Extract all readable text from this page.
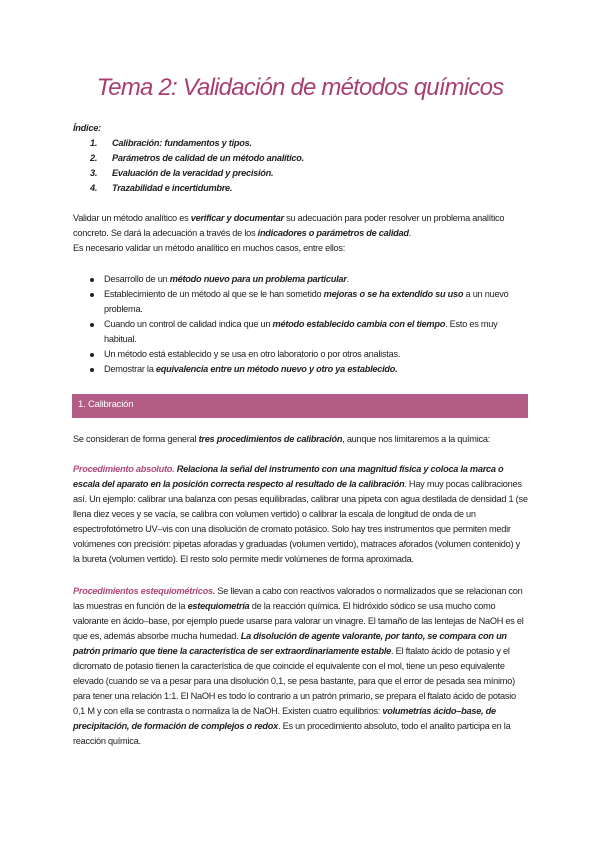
Tema 2: Validación de métodos químicos
Índice:
1. Calibración: fundamentos y tipos.
2. Parámetros de calidad de un método analítico.
3. Evaluación de la veracidad y precisión.
4. Trazabilidad e incertidumbre.

Validar un método analítico es verificar y documentar su adecuación para poder resolver un problema analítico concreto. Se dará la adecuación a través de los indicadores o parámetros de calidad.
Es necesario validar un método analítico en muchos casos, entre ellos:

Desarrollo de un método nuevo para un problema particular.
Establecimiento de un método al que se le han sometido mejoras o se ha extendido su uso a un nuevo problema.
Cuando un control de calidad indica que un método establecido cambia con el tiempo. Esto es muy habitual.
Un método está establecido y se usa en otro laboratorio o por otros analistas.
Demostrar la equivalencia entre un método nuevo y otro ya establecido.
1. Calibración

Se consideran de forma general tres procedimientos de calibración, aunque nos limitaremos a la química:

Procedimiento absoluto. Relaciona la señal del instrumento con una magnitud física y coloca la marca o escala del aparato en la posición correcta respecto al resultado de la calibración. Hay muy pocas calibraciones así. Un ejemplo: calibrar una balanza con pesas equilibradas, calibrar una pipeta con agua destilada de densidad 1 (se llena diez veces y se vacía, se calibra con volumen vertido) o calibrar la escala de longitud de onda de un espectrofotómetro UV–vis con una disolución de cromato potásico. Solo hay tres instrumentos que permiten medir volúmenes con precisión: pipetas aforadas y graduadas (volumen vertido), matraces aforados (volumen contenido) y la bureta (volumen vertido). El resto solo permite medir volúmenes de forma aproximada.

Procedimientos estequiométricos. Se llevan a cabo con reactivos valorados o normalizados que se relacionan con las muestras en función de la estequiometría de la reacción química. El hidróxido sódico se usa mucho como valorante en ácido–base, por ejemplo puede usarse para valorar un vinagre. El tamaño de las lentejas de NaOH es el que es, además absorbe mucha humedad. La disolución de agente valorante, por tanto, se compara con un patrón primario que tiene la característica de ser extraordinariamente estable. El ftalato ácido de potasio y el dicromato de potasio tienen la característica de que coincide el equivalente con el mol, tiene un peso equivalente elevado (cuando se va a pesar para una disolución 0,1, se pesa bastante, para que el error de pesada sea mínimo) para tener una relación 1:1. El NaOH es todo lo contrario a un patrón primario, se prepara el ftalato ácido de potasio 0,1 M y con ella se contrasta o normaliza la de NaOH. Existen cuatro equilibrios: volumetrías ácido–base, de precipitación, de formación de complejos o redox. Es un procedimiento absoluto, todo el analito participa en la reacción química.
